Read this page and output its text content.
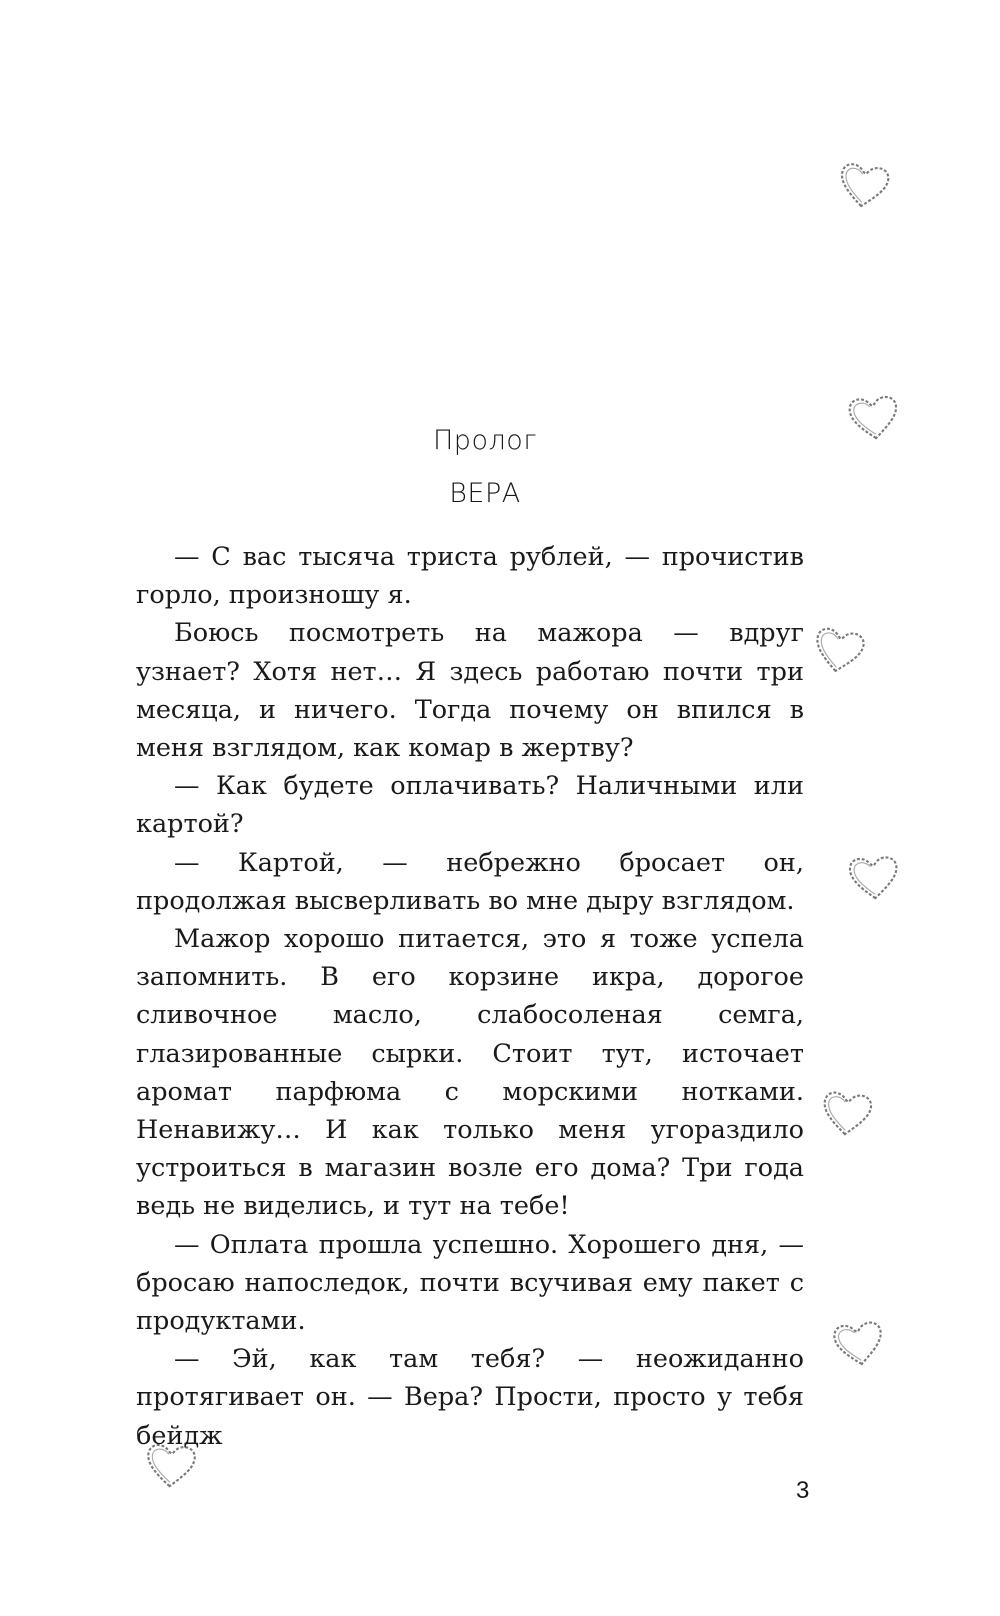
Пролог
ВЕРА

— С вас тысяча триста рублей, — прочистив горло, произношу я.

Боюсь посмотреть на мажора — вдруг узнает? Хотя нет… Я здесь работаю почти три месяца, и ничего. Тогда почему он впился в меня взглядом, как комар в жертву?

— Как будете оплачивать? Наличными или картой?

— Картой, — небрежно бросает он, продолжая высверливать во мне дыру взглядом.

Мажор хорошо питается, это я тоже успела запомнить. В его корзине икра, дорогое сливочное масло, слабосоленая семга, глазированные сырки. Стоит тут, источает аромат парфюма с морскими нотками. Ненавижу… И как только меня угораздило устроиться в магазин возле его дома? Три года ведь не виделись, и тут на тебе!

— Оплата прошла успешно. Хорошего дня, — бросаю напоследок, почти всучивая ему пакет с продуктами.

— Эй, как там тебя? — неожиданно протягивает он. — Вера? Прости, просто у тебя бейдж

3
